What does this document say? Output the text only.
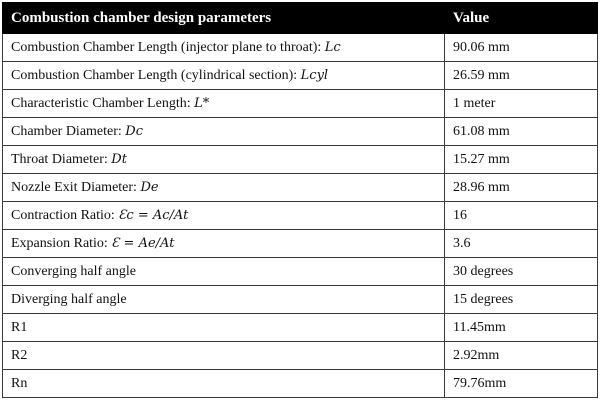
Combustion chamber design parameters	Value
Combustion Chamber Length (injector plane to throat): Lc	90.06 mm
Combustion Chamber Length (cylindrical section): Lcyl	26.59 mm
Characteristic Chamber Length: L*	1 meter
Chamber Diameter: Dc	61.08 mm
Throat Diameter: Dt	15.27 mm
Nozzle Exit Diameter: De	28.96 mm
Contraction Ratio: Ɛc = Ac/At	16
Expansion Ratio: Ɛ = Ae/At	3.6
Converging half angle	30 degrees
Diverging half angle	15 degrees
R1	11.45mm
R2	2.92mm
Rn	79.76mm
